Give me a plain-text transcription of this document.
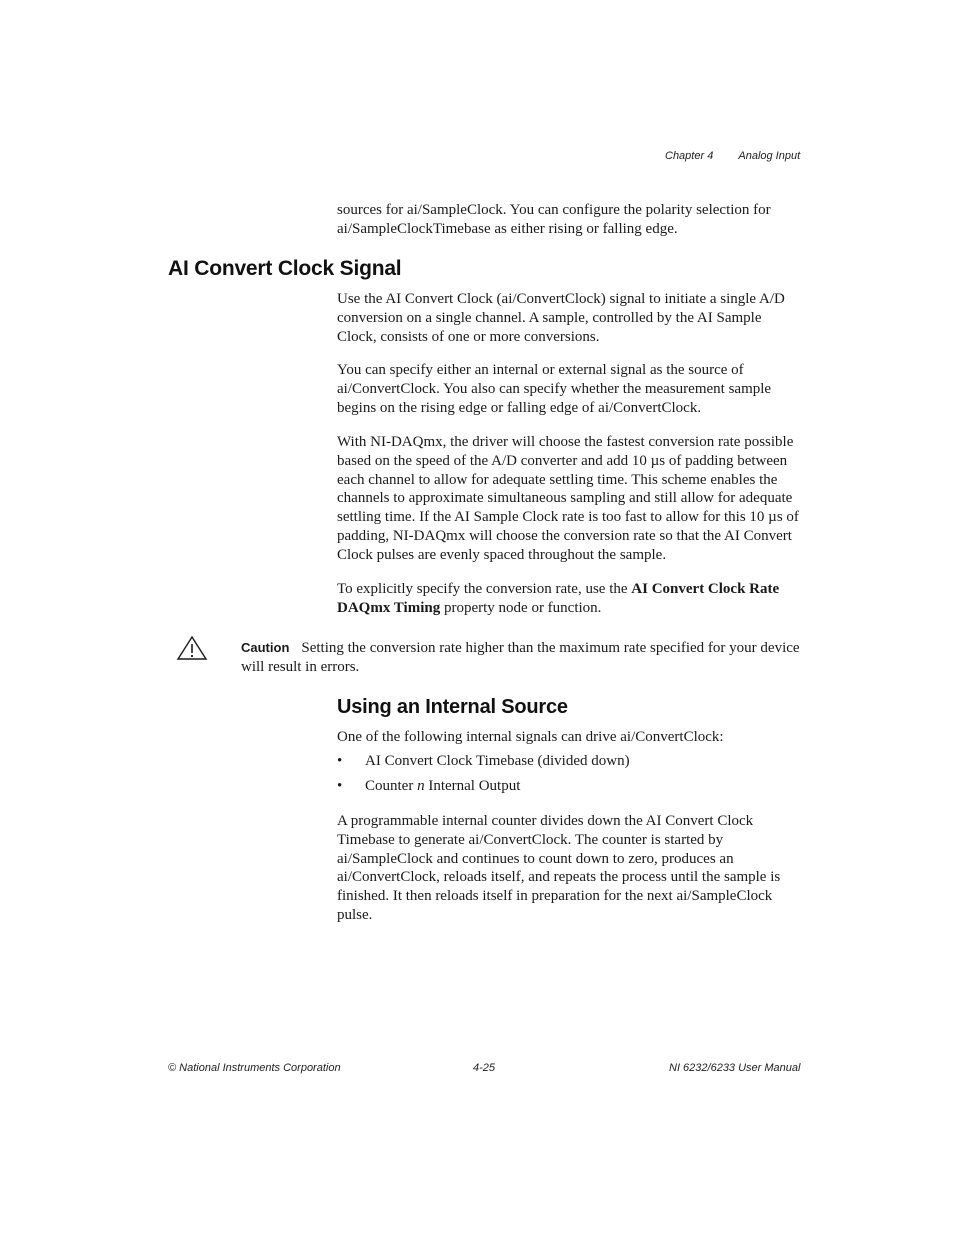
Chapter 4 Analog Input
sources for ai/SampleClock. You can configure the polarity selection for ai/SampleClockTimebase as either rising or falling edge.
AI Convert Clock Signal
Use the AI Convert Clock (ai/ConvertClock) signal to initiate a single A/D conversion on a single channel. A sample, controlled by the AI Sample Clock, consists of one or more conversions.
You can specify either an internal or external signal as the source of ai/ConvertClock. You also can specify whether the measurement sample begins on the rising edge or falling edge of ai/ConvertClock.
With NI-DAQmx, the driver will choose the fastest conversion rate possible based on the speed of the A/D converter and add 10 µs of padding between each channel to allow for adequate settling time. This scheme enables the channels to approximate simultaneous sampling and still allow for adequate settling time. If the AI Sample Clock rate is too fast to allow for this 10 µs of padding, NI-DAQmx will choose the conversion rate so that the AI Convert Clock pulses are evenly spaced throughout the sample.
To explicitly specify the conversion rate, use the AI Convert Clock Rate DAQmx Timing property node or function.
Caution Setting the conversion rate higher than the maximum rate specified for your device will result in errors.
Using an Internal Source
One of the following internal signals can drive ai/ConvertClock:
• AI Convert Clock Timebase (divided down)
• Counter n Internal Output
A programmable internal counter divides down the AI Convert Clock Timebase to generate ai/ConvertClock. The counter is started by ai/SampleClock and continues to count down to zero, produces an ai/ConvertClock, reloads itself, and repeats the process until the sample is finished. It then reloads itself in preparation for the next ai/SampleClock pulse.
© National Instruments Corporation	4-25	NI 6232/6233 User Manual
